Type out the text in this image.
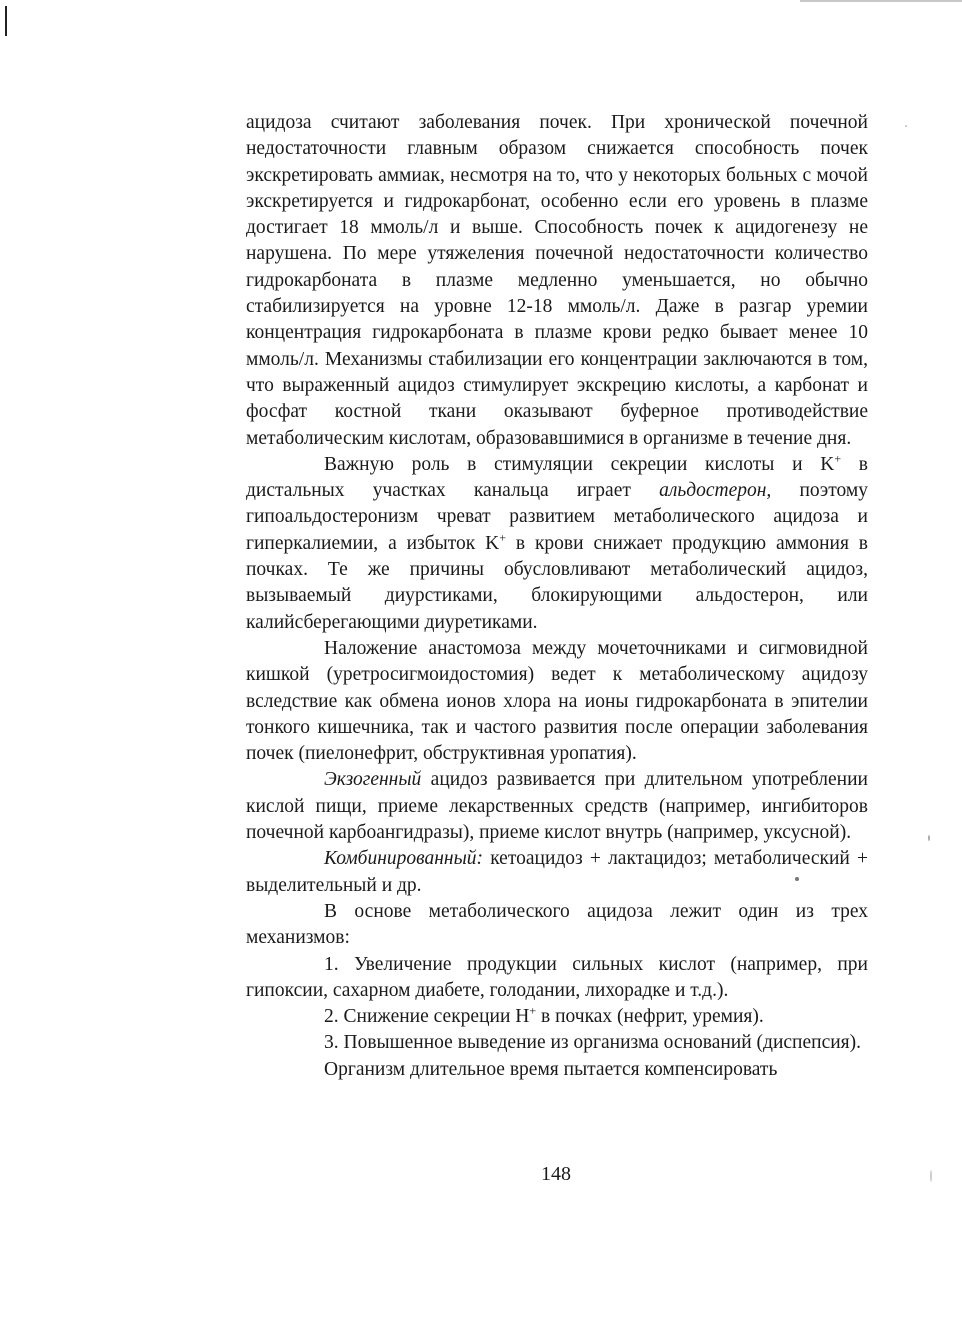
ацидоза считают заболевания почек. При хронической почечной недостаточности главным образом снижается способность почек экскретировать аммиак, несмотря на то, что у некоторых больных с мочой экскретируется и гидрокарбонат, особенно если его уровень в плазме достигает 18 ммоль/л и выше. Способность почек к ацидогенезу не нарушена. По мере утяжеления почечной недостаточности количество гидрокарбоната в плазме медленно уменьшается, но обычно стабилизируется на уровне 12-18 ммоль/л. Даже в разгар уремии концентрация гидрокарбоната в плазме крови редко бывает менее 10 ммоль/л. Механизмы стабилизации его концентрации заключаются в том, что выраженный ацидоз стимулирует экскрецию кислоты, а карбонат и фосфат костной ткани оказывают буферное противодействие метаболическим кислотам, образовавшимися в организме в течение дня.

Важную роль в стимуляции секреции кислоты и K+ в дистальных участках канальца играет альдостерон, поэтому гипоальдостеронизм чреват развитием метаболического ацидоза и гиперкалиемии, а избыток K+ в крови снижает продукцию аммония в почках. Те же причины обусловливают метаболический ацидоз, вызываемый диурстиками, блокирующими альдостерон, или калийсберегающими диуретиками.

Наложение анастомоза между мочеточниками и сигмовидной кишкой (уретросигмоидостомия) ведет к метаболическому ацидозу вследствие как обмена ионов хлора на ионы гидрокарбоната в эпителии тонкого кишечника, так и частого развития после операции заболевания почек (пиелонефрит, обструктивная уропатия).

Экзогенный ацидоз развивается при длительном употреблении кислой пищи, приеме лекарственных средств (например, ингибиторов почечной карбоангидразы), приеме кислот внутрь (например, уксусной).

Комбинированный: кетоацидоз + лактацидоз; метаболический + выделительный и др.

В основе метаболического ацидоза лежит один из трех механизмов:

1. Увеличение продукции сильных кислот (например, при гипоксии, сахарном диабете, голодании, лихорадке и т.д.).

2. Снижение секреции H+ в почках (нефрит, уремия).

3. Повышенное выведение из организма оснований (диспепсия).

Организм длительное время пытается компенсировать

148
